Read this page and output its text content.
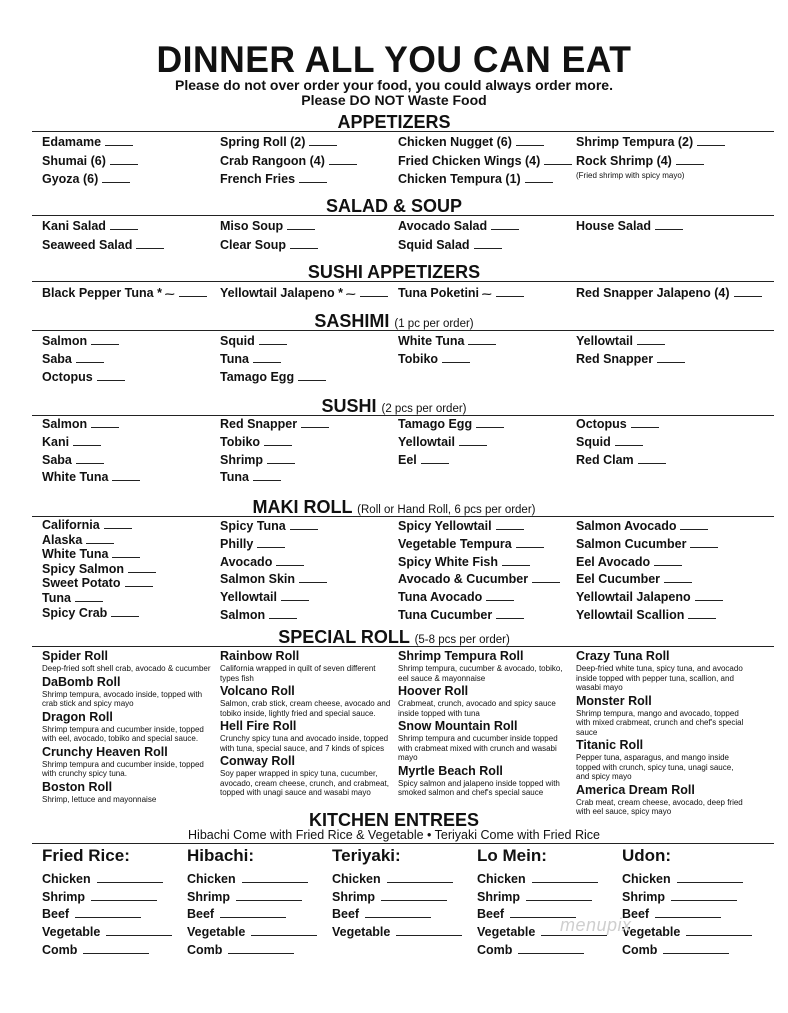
DINNER ALL YOU CAN EAT
Please do not over order your food, you could always order more.
Please DO NOT Waste Food
APPETIZERS
Edamame
Shumai (6)
Gyoza (6)
Spring Roll (2)
Crab Rangoon (4)
French Fries
Chicken Nugget (6)
Fried Chicken Wings (4)
Chicken Tempura (1)
Shrimp Tempura (2)
Rock Shrimp (4)
(Fried shrimp with spicy mayo)
SALAD & SOUP
Kani Salad
Seaweed Salad
Miso Soup
Clear Soup
Avocado Salad
Squid Salad
House Salad
SUSHI APPETIZERS
Black Pepper Tuna * ⁓	Yellowtail Jalapeno * ⁓	Tuna Poketini ⁓	Red Snapper Jalapeno (4)
SASHIMI (1 pc per order)
Salmon
Saba
Octopus
Squid
Tuna
Tamago Egg
White Tuna
Tobiko
Yellowtail
Red Snapper
SUSHI (2 pcs per order)
Salmon
Kani
Saba
White Tuna
Red Snapper
Tobiko
Shrimp
Tuna
Tamago Egg
Yellowtail
Eel
Octopus
Squid
Red Clam
MAKI ROLL (Roll or Hand Roll, 6 pcs per order)
California
Alaska
White Tuna
Spicy Salmon
Sweet Potato
Tuna
Spicy Crab
Spicy Tuna
Philly
Avocado
Salmon Skin
Yellowtail
Salmon
Spicy Yellowtail
Vegetable Tempura
Spicy White Fish
Avocado & Cucumber
Tuna Avocado
Tuna Cucumber
Salmon Avocado
Salmon Cucumber
Eel Avocado
Eel Cucumber
Yellowtail Jalapeno
Yellowtail Scallion
SPECIAL ROLL (5-8 pcs per order)
Spider Roll
Deep-fried soft shell crab, avocado & cucumber
DaBomb Roll
Shrimp tempura, avocado inside, topped with crab stick and spicy mayo
Dragon Roll
Shrimp tempura and cucumber inside, topped with eel, avocado, tobiko and special sauce.
Crunchy Heaven Roll
Shrimp tempura and cucumber inside, topped with crunchy spicy tuna.
Boston Roll
Shrimp, lettuce and mayonnaise
Rainbow Roll
California wrapped in quilt of seven different types fish
Volcano Roll
Salmon, crab stick, cream cheese, avocado and tobiko inside, lightly fried and special sauce.
Hell Fire Roll
Crunchy spicy tuna and avocado inside, topped with tuna, special sauce, and 7 kinds of spices
Conway Roll
Soy paper wrapped in spicy tuna, cucumber, avocado, cream cheese, crunch, and crabmeat, topped with unagi sauce and wasabi mayo
Shrimp Tempura Roll
Shrimp tempura, cucumber & avocado, tobiko, eel sauce & mayonnaise
Hoover Roll
Crabmeat, crunch, avocado and spicy sauce inside topped with tuna
Snow Mountain Roll
Shrimp tempura and cucumber inside topped with crabmeat mixed with crunch and wasabi mayo
Myrtle Beach Roll
Spicy salmon and jalapeno inside topped with smoked salmon and chef's special sauce
Crazy Tuna Roll
Deep-fried white tuna, spicy tuna, and avocado inside topped with pepper tuna, scallion, and wasabi mayo
Monster Roll
Shrimp tempura, mango and avocado, topped with mixed crabmeat, crunch and chef's special sauce
Titanic Roll
Pepper tuna, asparagus, and mango inside topped with crunch, spicy tuna, unagi sauce, and spicy mayo
America Dream Roll
Crab meat, cream cheese, avocado, deep fried with eel sauce, spicy mayo
KITCHEN ENTREES
Hibachi Come with Fried Rice & Vegetable • Teriyaki Come with Fried Rice
Fried Rice:
Chicken
Shrimp
Beef
Vegetable
Comb
Hibachi:
Chicken
Shrimp
Beef
Vegetable
Comb
Teriyaki:
Chicken
Shrimp
Beef
Vegetable
Lo Mein:
Chicken
Shrimp
Beef
Vegetable
Comb
Udon:
Chicken
Shrimp
Beef
Vegetable
Comb
menupix
